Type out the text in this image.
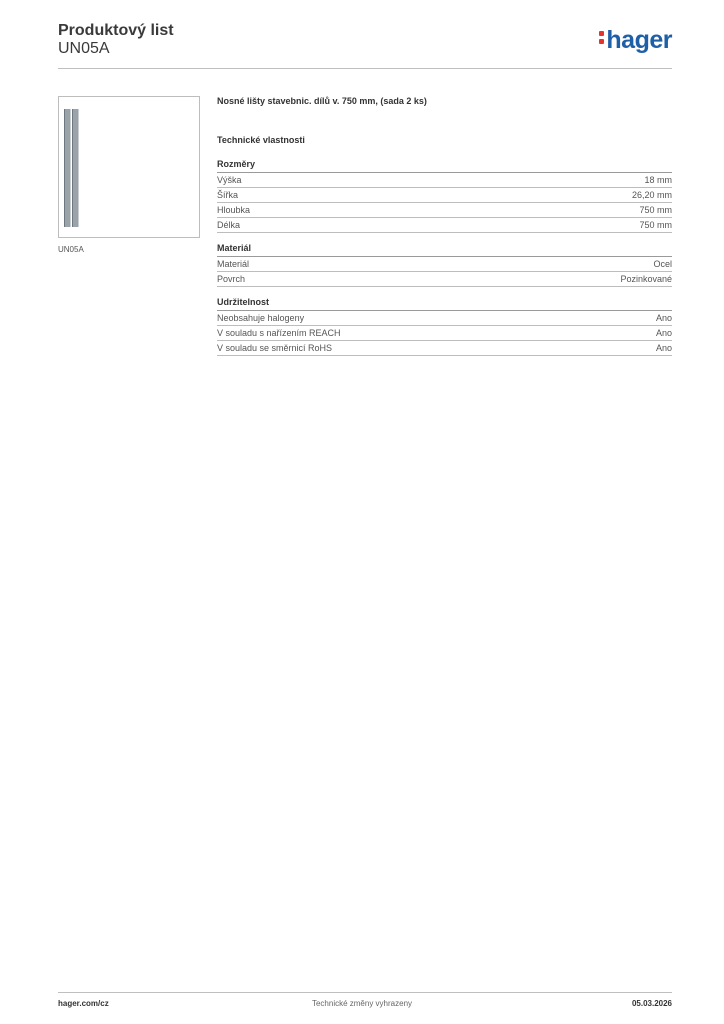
Produktový list
UN05A	hager
UN05A
Nosné lišty stavebnic. dílů v. 750 mm, (sada 2 ks)
Technické vlastnosti
Rozměry
Výška	18 mm
Šířka	26,20 mm
Hloubka	750 mm
Délka	750 mm
Materiál
Materiál	Ocel
Povrch	Pozinkované
Udržitelnost
Neobsahuje halogeny	Ano
V souladu s nařízením REACH	Ano
V souladu se směrnicí RoHS	Ano
hager.com/cz	Technické změny vyhrazeny	05.03.2026
